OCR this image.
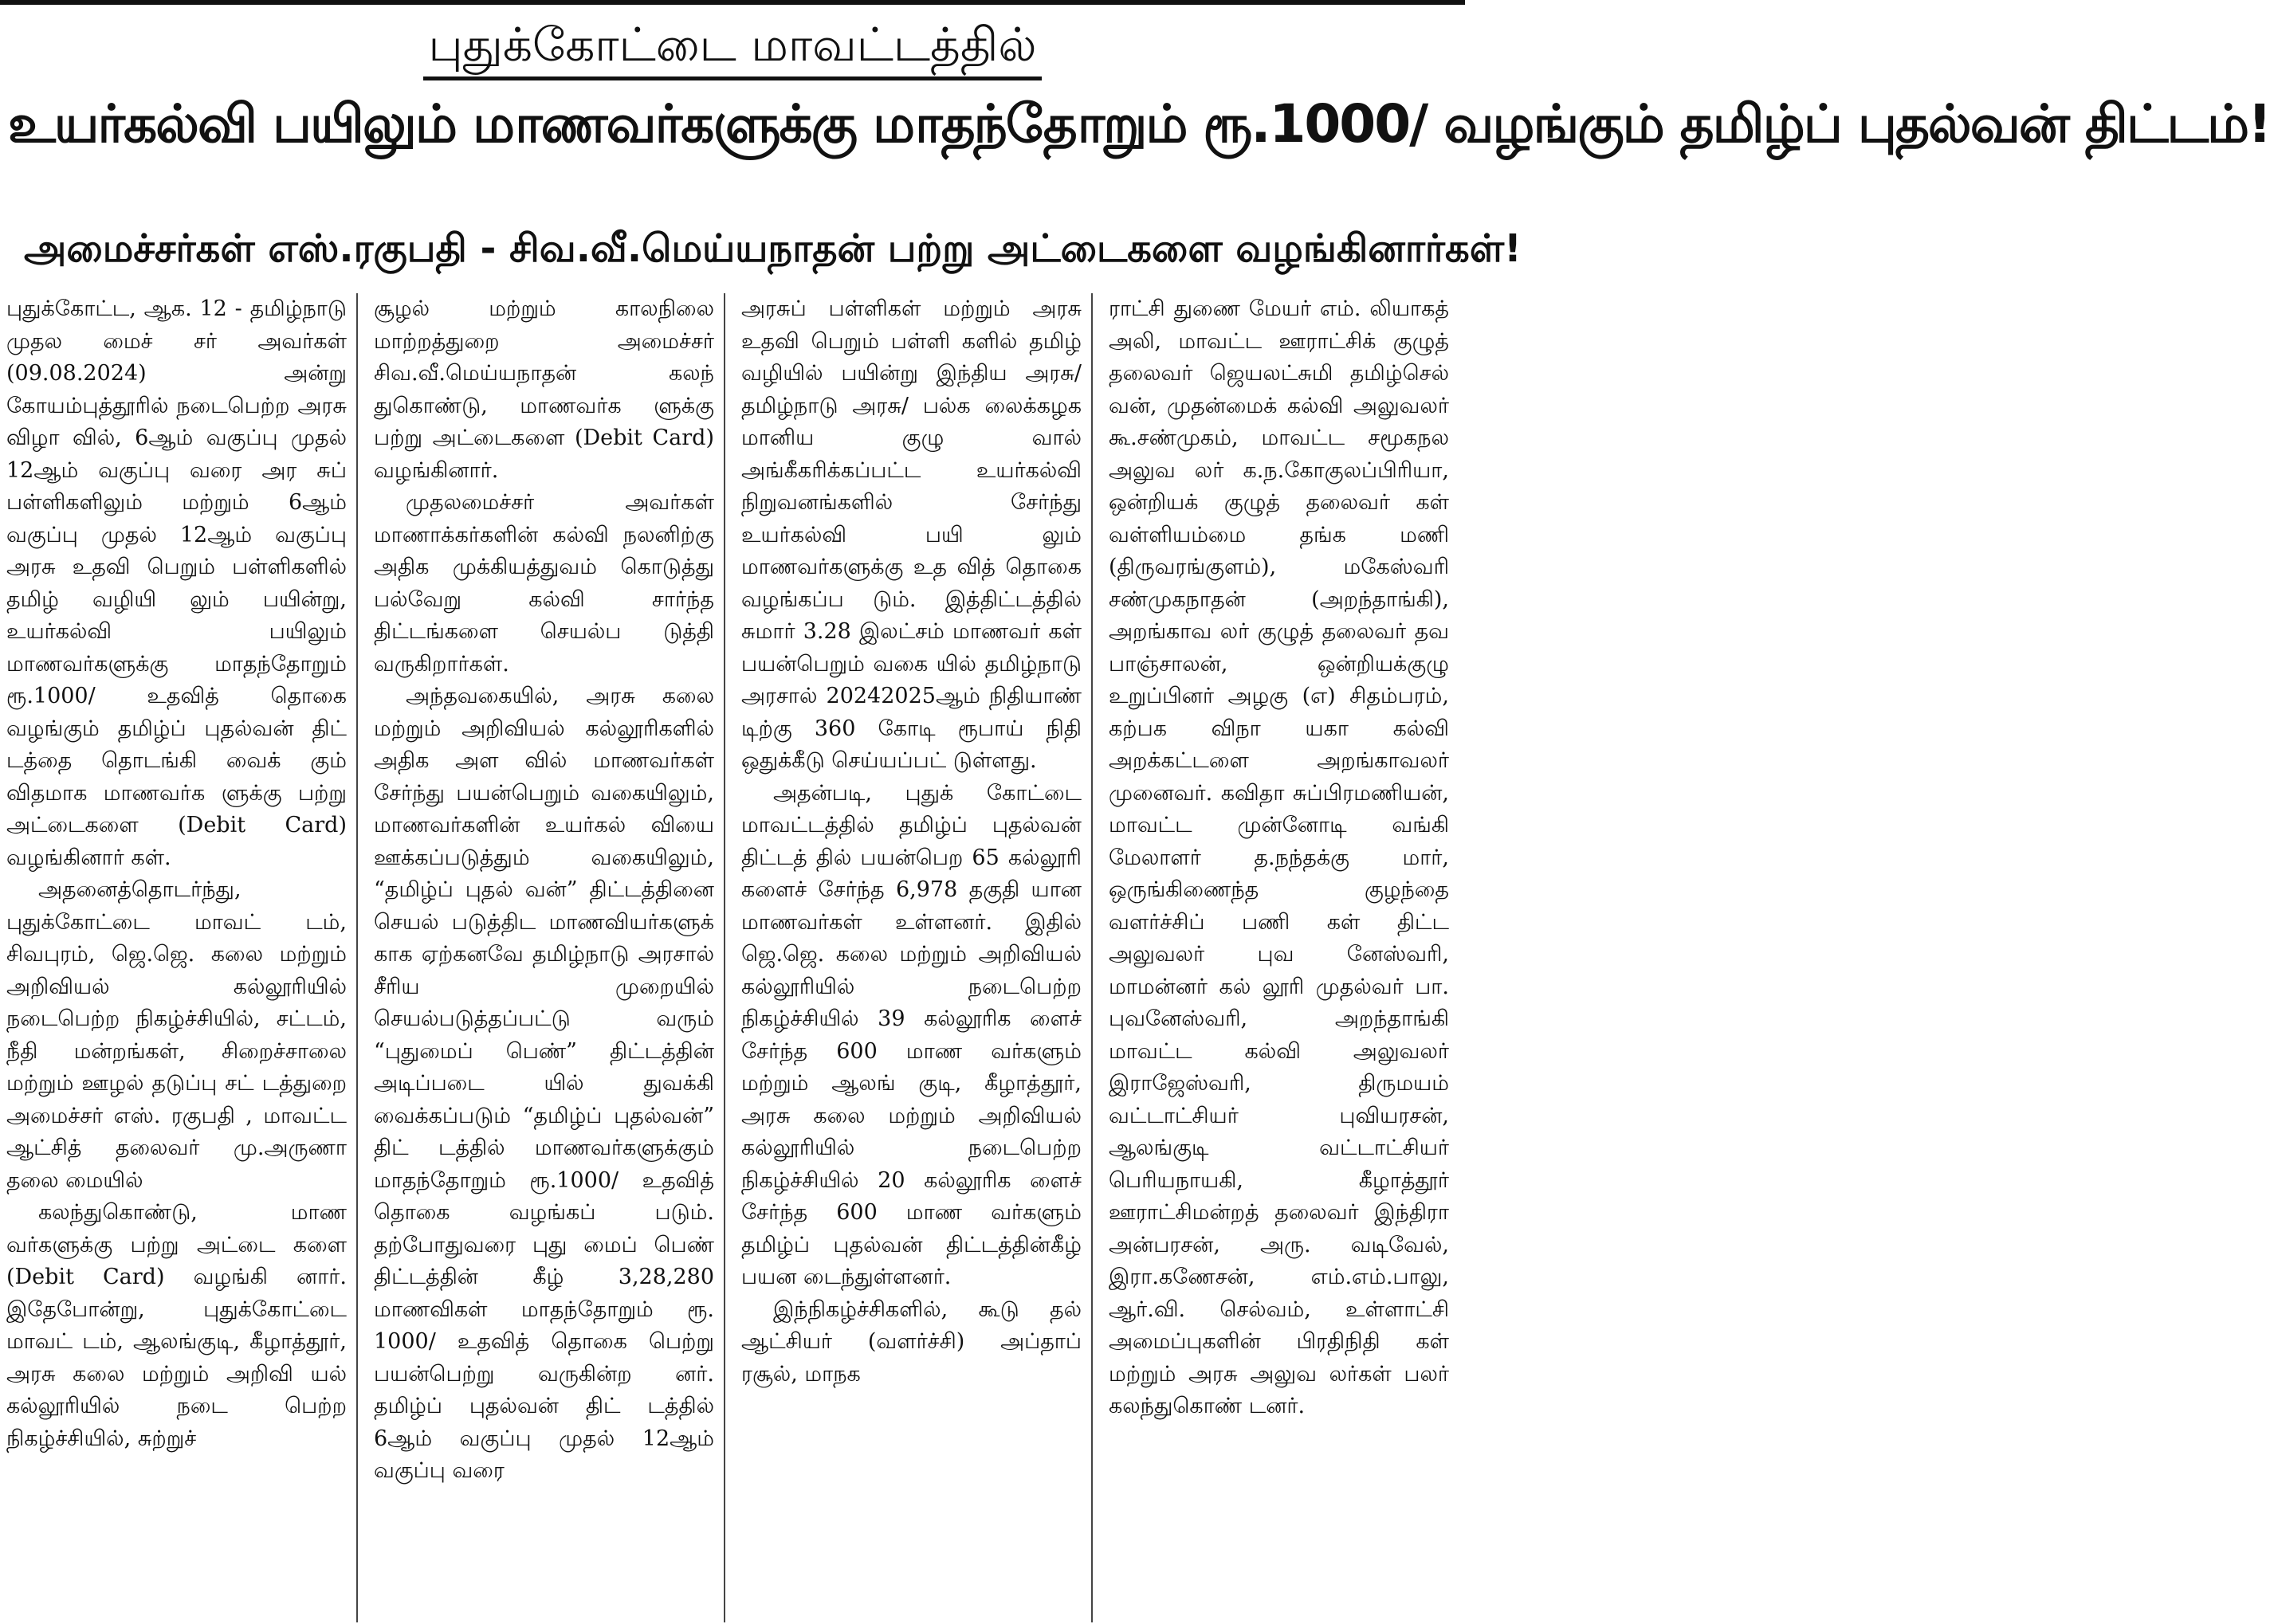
புதுக்கோட்டை மாவட்டத்தில்
உயர்கல்வி பயிலும் மாணவர்களுக்கு மாதந்தோறும் ரூ.1000/ வழங்கும் தமிழ்ப் புதல்வன் திட்டம்!
அமைச்சர்கள் எஸ்.ரகுபதி - சிவ.வீ.மெய்யநாதன் பற்று அட்டைகளை வழங்கினார்கள்!

புதுக்கோட்ட, ஆக. 12 - தமிழ்நாடு முதல மைச் சர் அவர்கள் (09.08.2024) அன்று கோயம்புத்தூரில் நடைபெற்ற அரசு விழா வில், 6ஆம் வகுப்பு முதல் 12ஆம் வகுப்பு வரை அர சுப் பள்ளிகளிலும் மற்றும் 6ஆம் வகுப்பு முதல் 12ஆம் வகுப்பு அரசு உதவி பெறும் பள்ளிகளில் தமிழ் வழியி லும் பயின்று, உயர்கல்வி பயிலும் மாணவர்களுக்கு மாதந்தோறும் ரூ.1000/ உதவித் தொகை வழங்கும் தமிழ்ப் புதல்வன் திட் டத்தை தொடங்கி வைக் கும் விதமாக மாணவர்க ளுக்கு பற்று அட்டைகளை (Debit Card) வழங்கினார் கள்.

அதனைத்தொடர்ந்து, புதுக்கோட்டை மாவட் டம், சிவபுரம், ஜெ.ஜெ. கலை மற்றும் அறிவியல் கல்லூரியில் நடைபெற்ற நிகழ்ச்சியில், சட்டம், நீதி மன்றங்கள், சிறைச்சாலை மற்றும் ஊழல் தடுப்பு சட் டத்துறை அமைச்சர் எஸ். ரகுபதி , மாவட்ட ஆட்சித் தலைவர் மு.அருணா தலை மையில்

கலந்துகொண்டு, மாண வர்களுக்கு பற்று அட்டை களை (Debit Card) வழங்கி னார். இதேபோன்று, புதுக்கோட்டை மாவட் டம், ஆலங்குடி, கீழாத்தூர், அரசு கலை மற்றும் அறிவி யல் கல்லூரியில் நடை பெற்ற நிகழ்ச்சியில், சுற்றுச்

சூழல் மற்றும் காலநிலை மாற்றத்துறை அமைச்சர் சிவ.வீ.மெய்யநாதன் கலந் துகொண்டு, மாணவர்க ளுக்கு பற்று அட்டைகளை (Debit Card) வழங்கினார்.

முதலமைச்சர் அவர்கள் மாணாக்கர்களின் கல்வி நலனிற்கு அதிக முக்கியத்துவம் கொடுத்து பல்வேறு கல்வி சார்ந்த திட்டங்களை செயல்ப டுத்தி வருகிறார்கள்.

அந்தவகையில், அரசு கலை மற்றும் அறிவியல் கல்லூரிகளில் அதிக அள வில் மாணவர்கள் சேர்ந்து பயன்பெறும் வகையிலும், மாணவர்களின் உயர்கல் வியை ஊக்கப்படுத்தும் வகையிலும், “தமிழ்ப் புதல் வன்” திட்டத்தினை செயல் படுத்திட மாணவியர்களுக் காக ஏற்கனவே தமிழ்நாடு அரசால் சீரிய முறையில் செயல்படுத்தப்பட்டு வரும் “புதுமைப் பெண்” திட்டத்தின் அடிப்படை யில் துவக்கி வைக்கப்படும் “தமிழ்ப் புதல்வன்” திட் டத்தில் மாணவர்களுக்கும் மாதந்தோறும் ரூ.1000/ உதவித் தொகை வழங்கப் படும். தற்போதுவரை புது மைப் பெண் திட்டத்தின் கீழ் 3,28,280 மாணவிகள் மாதந்தோறும் ரூ. 1000/ உதவித் தொகை பெற்று பயன்பெற்று வருகின்ற னர். தமிழ்ப் புதல்வன் திட் டத்தில் 6ஆம் வகுப்பு முதல் 12ஆம் வகுப்பு வரை

அரசுப் பள்ளிகள் மற்றும் அரசு உதவி பெறும் பள்ளி களில் தமிழ் வழியில் பயின்று இந்திய அரசு/ தமிழ்நாடு அரசு/ பல்க லைக்கழக மானிய குழு வால் அங்கீகரிக்கப்பட்ட உயர்கல்வி நிறுவனங்களில் சேர்ந்து உயர்கல்வி பயி லும் மாணவர்களுக்கு உத வித் தொகை வழங்கப்ப டும். இத்திட்டத்தில் சுமார் 3.28 இலட்சம் மாணவர் கள் பயன்பெறும் வகை யில் தமிழ்நாடு அரசால் 20242025ஆம் நிதியாண் டிற்கு 360 கோடி ரூபாய் நிதி ஒதுக்கீடு செய்யப்பட் டுள்ளது.

அதன்படி, புதுக் கோட்டை மாவட்டத்தில் தமிழ்ப் புதல்வன் திட்டத் தில் பயன்பெற 65 கல்லூரி களைச் சேர்ந்த 6,978 தகுதி யான மாணவர்கள் உள்ளனர். இதில் ஜெ.ஜெ. கலை மற்றும் அறிவியல் கல்லூரியில் நடைபெற்ற நிகழ்ச்சியில் 39 கல்லூரிக ளைச் சேர்ந்த 600 மாண வர்களும் மற்றும் ஆலங் குடி, கீழாத்தூர், அரசு கலை மற்றும் அறிவியல் கல்லூரியில் நடைபெற்ற நிகழ்ச்சியில் 20 கல்லூரிக ளைச் சேர்ந்த 600 மாண வர்களும் தமிழ்ப் புதல்வன் திட்டத்தின்கீழ் பயன டைந்துள்ளனர்.

இந்நிகழ்ச்சிகளில், கூடு தல் ஆட்சியர் (வளர்ச்சி) அப்தாப் ரசூல், மாநக

ராட்சி துணை மேயர் எம். லியாகத் அலி, மாவட்ட ஊராட்சிக் குழுத் தலைவர் ஜெயலட்சுமி தமிழ்செல் வன், முதன்மைக் கல்வி அலுவலர் கூ.சண்முகம், மாவட்ட சமூகநல அலுவ லர் க.ந.கோகுலப்பிரியா, ஒன்றியக் குழுத் தலைவர் கள் வள்ளியம்மை தங்க மணி (திருவரங்குளம்), மகேஸ்வரி சண்முகநாதன் (அறந்தாங்கி), அறங்காவ லர் குழுத் தலைவர் தவ பாஞ்சாலன், ஒன்றியக்குழு உறுப்பினர் அழகு (எ) சிதம்பரம், கற்பக விநா யகா கல்வி அறக்கட்டளை அறங்காவலர் முனைவர். கவிதா சுப்பிரமணியன், மாவட்ட முன்னோடி வங்கி மேலாளர் த.நந்தக்கு மார், ஒருங்கிணைந்த குழந்தை வளர்ச்சிப் பணி கள் திட்ட அலுவலர் புவ னேஸ்வரி, மாமன்னர் கல் லூரி முதல்வர் பா. புவனேஸ்வரி, அறந்தாங்கி மாவட்ட கல்வி அலுவலர் இராஜேஸ்வரி, திருமயம் வட்டாட்சியர் புவியரசன், ஆலங்குடி வட்டாட்சியர் பெரியநாயகி, கீழாத்தூர் ஊராட்சிமன்றத் தலைவர் இந்திரா அன்பரசன், அரு. வடிவேல், இரா.கணேசன், எம்.எம்.பாலு, ஆர்.வி. செல்வம், உள்ளாட்சி அமைப்புகளின் பிரதிநிதி கள் மற்றும் அரசு அலுவ லர்கள் பலர் கலந்துகொண் டனர்.
